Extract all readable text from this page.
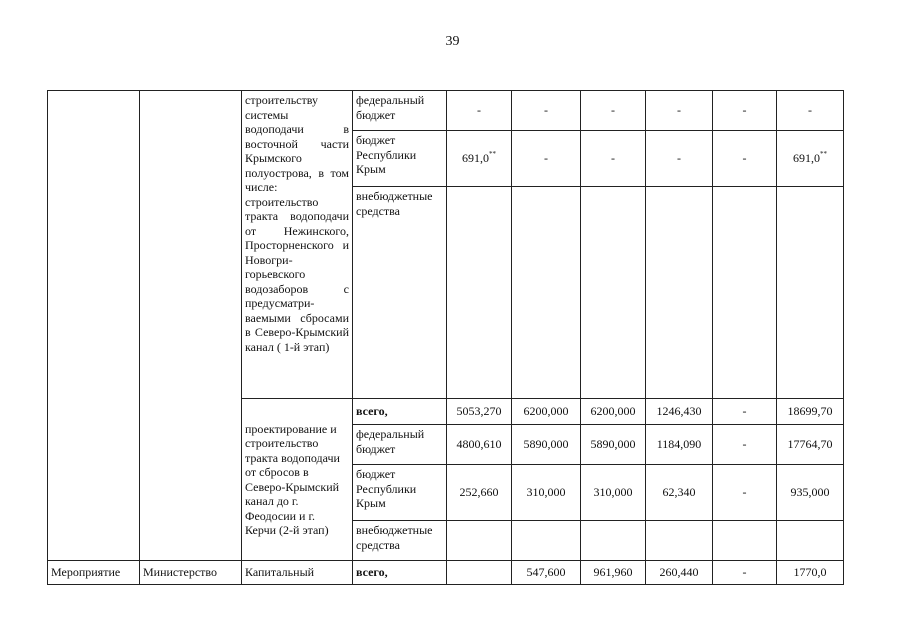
39
		строительству системы водоподачи в восточной части Крымского полуострова, в том числе: строительство тракта водоподачи от Нежинского, Просторненского и Новогри-горьевского водозаборов с предусматри-ваемыми сбросами в Северо-Крымский канал ( 1-й этап)	федеральный бюджет	-	-	-	-	-	-
			бюджет Республики Крым	691,0**	-	-	-	-	691,0**
			внебюджетные средства						
		проектирование и строительство тракта водоподачи от сбросов в Северо-Крымский канал до г. Феодосии и г. Керчи (2-й этап)	всего,	5053,270	6200,000	6200,000	1246,430	-	18699,70
			федеральный бюджет	4800,610	5890,000	5890,000	1184,090	-	17764,70
			бюджет Республики Крым	252,660	310,000	310,000	62,340	-	935,000
			внебюджетные средства						
Мероприятие	Министерство	Капитальный	всего,		547,600	961,960	260,440	-	1770,0
